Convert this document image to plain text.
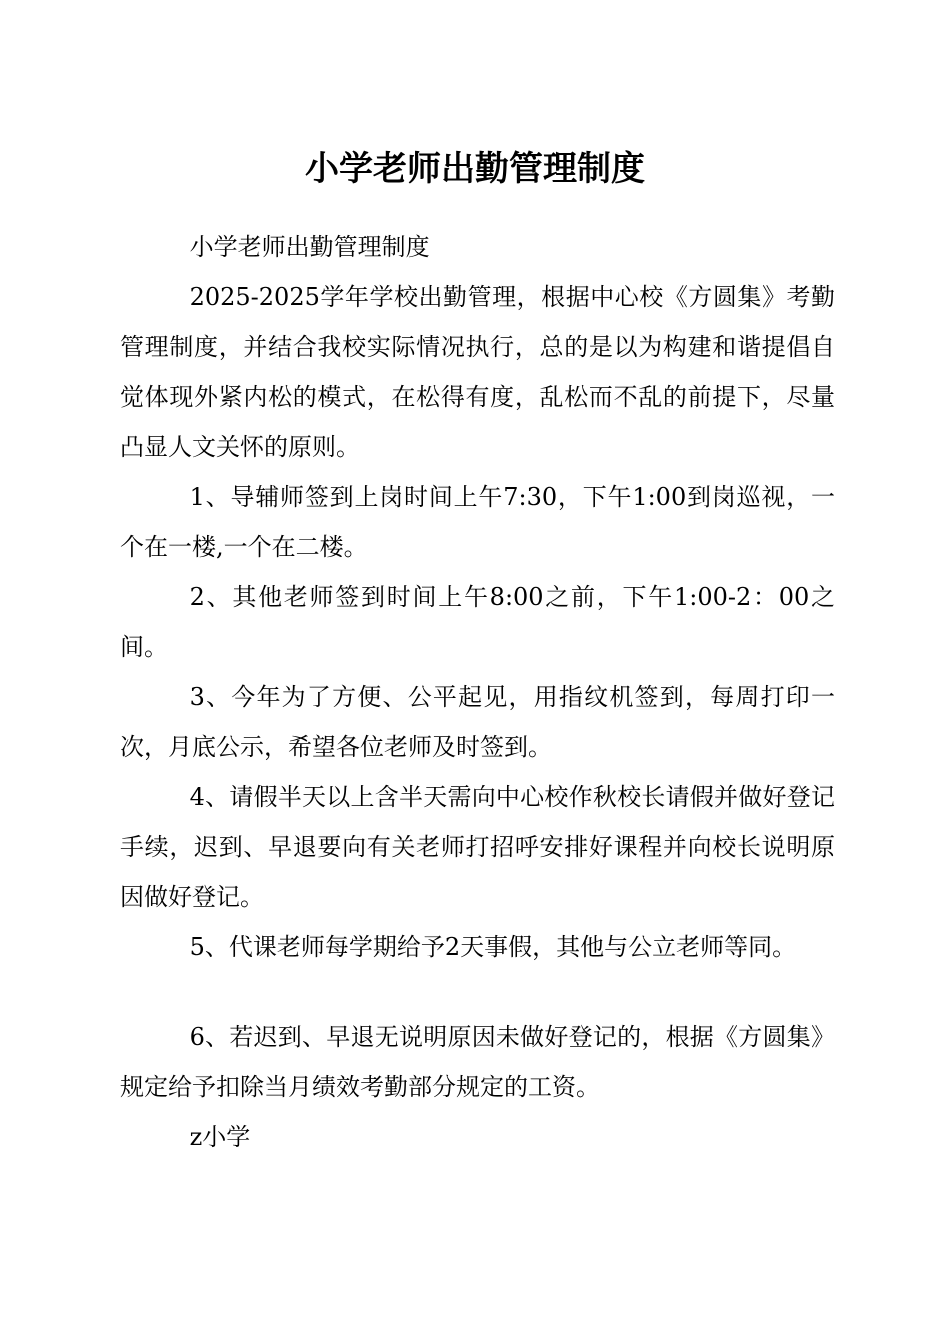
小学老师出勤管理制度

小学老师出勤管理制度

2025-2025学年学校出勤管理，根据中心校《方圆集》考勤管理制度，并结合我校实际情况执行，总的是以为构建和谐提倡自觉体现外紧内松的模式，在松得有度，乱松而不乱的前提下，尽量凸显人文关怀的原则。

1、导辅师签到上岗时间上午7:30，下午1:00到岗巡视，一个在一楼,一个在二楼。

2、其他老师签到时间上午8:00之前，下午1:00-2：00之间。

3、今年为了方便、公平起见，用指纹机签到，每周打印一次，月底公示，希望各位老师及时签到。

4、请假半天以上含半天需向中心校作秋校长请假并做好登记手续，迟到、早退要向有关老师打招呼安排好课程并向校长说明原因做好登记。

5、代课老师每学期给予2天事假，其他与公立老师等同。

6、若迟到、早退无说明原因未做好登记的，根据《方圆集》规定给予扣除当月绩效考勤部分规定的工资。

z小学
